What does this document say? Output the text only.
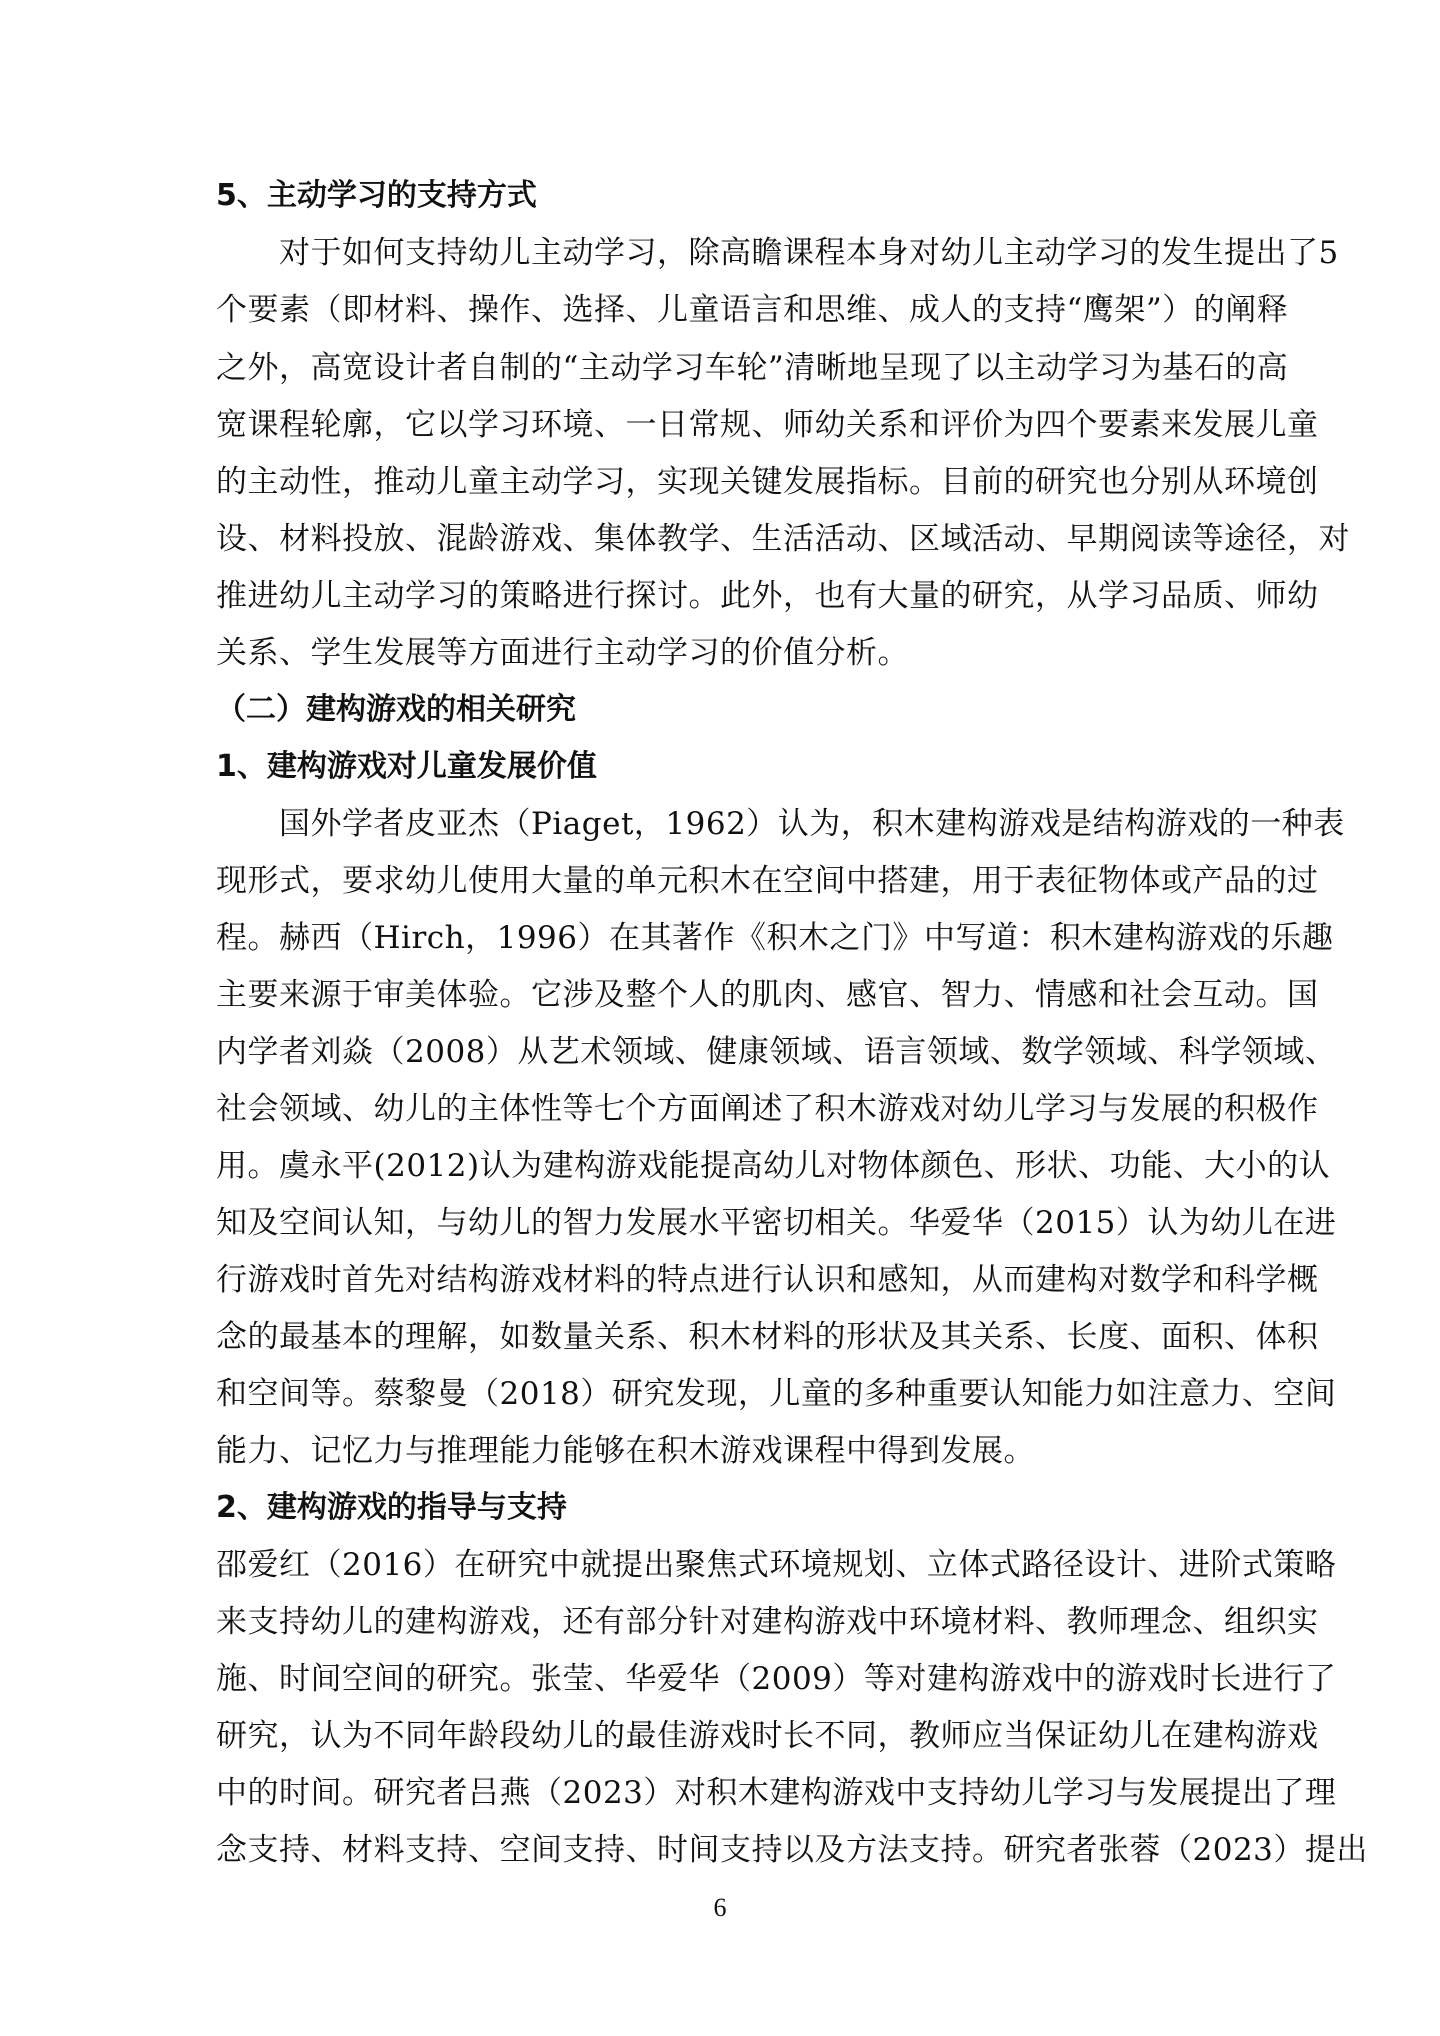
5、主动学习的支持方式
　　对于如何支持幼儿主动学习，除高瞻课程本身对幼儿主动学习的发生提出了5
个要素（即材料、操作、选择、儿童语言和思维、成人的支持“鹰架”）的阐释
之外，高宽设计者自制的“主动学习车轮”清晰地呈现了以主动学习为基石的高
宽课程轮廓，它以学习环境、一日常规、师幼关系和评价为四个要素来发展儿童
的主动性，推动儿童主动学习，实现关键发展指标。目前的研究也分别从环境创
设、材料投放、混龄游戏、集体教学、生活活动、区域活动、早期阅读等途径，对
推进幼儿主动学习的策略进行探讨。此外，也有大量的研究，从学习品质、师幼
关系、学生发展等方面进行主动学习的价值分析。
（二）建构游戏的相关研究
1、建构游戏对儿童发展价值
　　国外学者皮亚杰（Piaget，1962）认为，积木建构游戏是结构游戏的一种表
现形式，要求幼儿使用大量的单元积木在空间中搭建，用于表征物体或产品的过
程。赫西（Hirch，1996）在其著作《积木之门》中写道：积木建构游戏的乐趣
主要来源于审美体验。它涉及整个人的肌肉、感官、智力、情感和社会互动。国
内学者刘焱（2008）从艺术领域、健康领域、语言领域、数学领域、科学领域、
社会领域、幼儿的主体性等七个方面阐述了积木游戏对幼儿学习与发展的积极作
用。虞永平(2012)认为建构游戏能提高幼儿对物体颜色、形状、功能、大小的认
知及空间认知，与幼儿的智力发展水平密切相关。华爱华（2015）认为幼儿在进
行游戏时首先对结构游戏材料的特点进行认识和感知，从而建构对数学和科学概
念的最基本的理解，如数量关系、积木材料的形状及其关系、长度、面积、体积
和空间等。蔡黎曼（2018）研究发现，儿童的多种重要认知能力如注意力、空间
能力、记忆力与推理能力能够在积木游戏课程中得到发展。
2、建构游戏的指导与支持
邵爱红（2016）在研究中就提出聚焦式环境规划、立体式路径设计、进阶式策略
来支持幼儿的建构游戏，还有部分针对建构游戏中环境材料、教师理念、组织实
施、时间空间的研究。张莹、华爱华（2009）等对建构游戏中的游戏时长进行了
研究，认为不同年龄段幼儿的最佳游戏时长不同，教师应当保证幼儿在建构游戏
中的时间。研究者吕燕（2023）对积木建构游戏中支持幼儿学习与发展提出了理
念支持、材料支持、空间支持、时间支持以及方法支持。研究者张蓉（2023）提出
6
